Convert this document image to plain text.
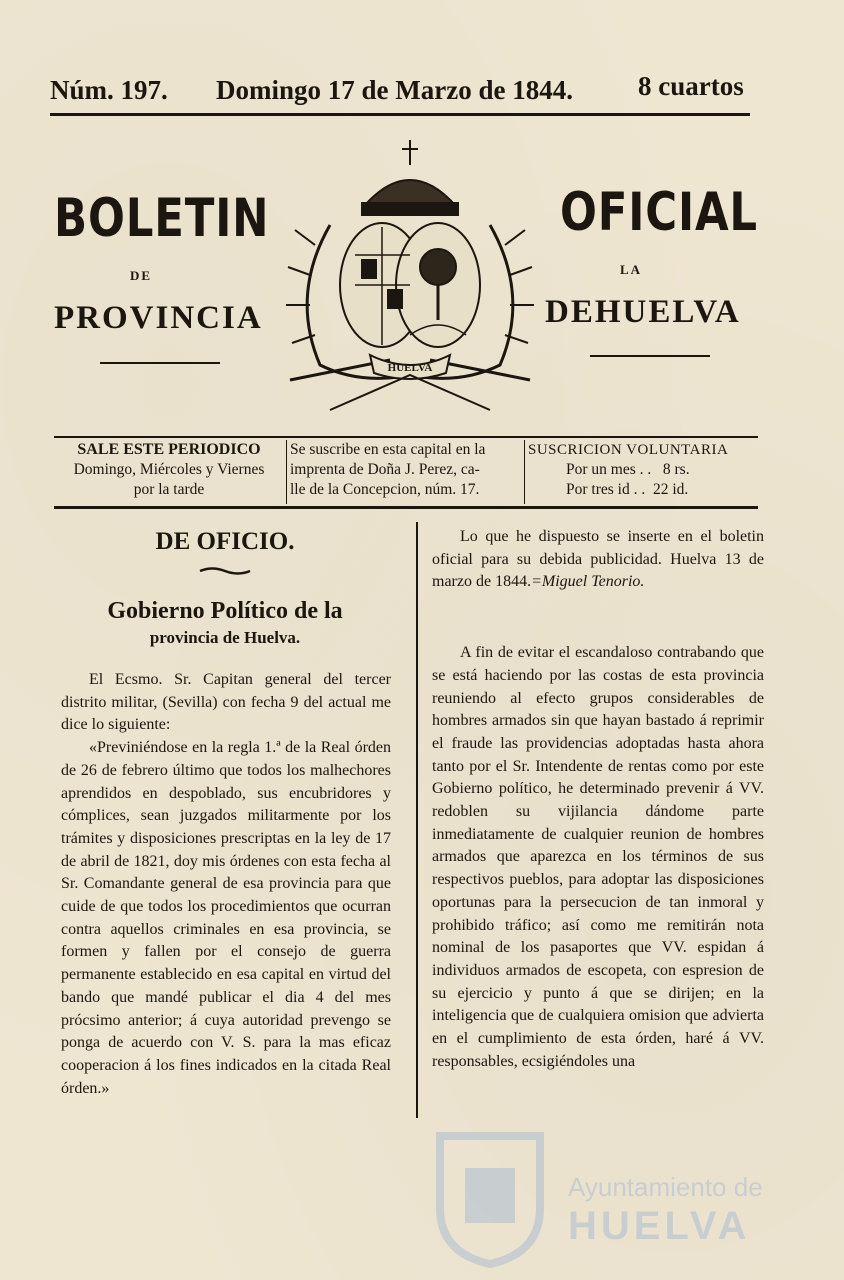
Núm. 197. Domingo 17 de Marzo de 1844. 8 cuartos
BOLETIN
DE
PROVINCIA
OFICIAL
LA
DEHUELVA
HUELVA
SALE ESTE PERIODICO
Domingo, Miércoles y Viernes
por la tarde
Se suscribe en esta capital en la
imprenta de Doña J. Perez, ca-
lle de la Concepcion, núm. 17.
SUSCRICION VOLUNTARIA
Por un mes . .   8 rs.
Por tres id . .  22 id.
DE OFICIO.
Gobierno Político de la
provincia de Huelva.

El Ecsmo. Sr. Capitan general del tercer distrito militar, (Sevilla) con fecha 9 del actual me dice lo siguiente:

«Previniéndose en la regla 1.ª de la Real órden de 26 de febrero último que todos los malhechores aprendidos en despoblado, sus encubridores y cómplices, sean juzgados militarmente por los trámites y disposiciones prescriptas en la ley de 17 de abril de 1821, doy mis órdenes con esta fecha al Sr. Comandante general de esa provincia para que cuide de que todos los procedimientos que ocurran contra aquellos criminales en esa provincia, se formen y fallen por el consejo de guerra permanente establecido en esa capital en virtud del bando que mandé publicar el dia 4 del mes prócsimo anterior; á cuya autoridad prevengo se ponga de acuerdo con V. S. para la mas eficaz cooperacion á los fines indicados en la citada Real órden.»

Lo que he dispuesto se inserte en el boletin oficial para su debida publicidad. Huelva 13 de marzo de 1844.=Miguel Tenorio.

A fin de evitar el escandaloso contrabando que se está haciendo por las costas de esta provincia reuniendo al efecto grupos considerables de hombres armados sin que hayan bastado á reprimir el fraude las providencias adoptadas hasta ahora tanto por el Sr. Intendente de rentas como por este Gobierno político, he determinado prevenir á VV. redoblen su vijilancia dándome parte inmediatamente de cualquier reunion de hombres armados que aparezca en los términos de sus respectivos pueblos, para adoptar las disposiciones oportunas para la persecucion de tan inmoral y prohibido tráfico; así como me remitirán nota nominal de los pasaportes que VV. espidan á individuos armados de escopeta, con espresion de su ejercicio y punto á que se dirijen; en la inteligencia que de cualquiera omision que advierta en el cumplimiento de esta órden, haré á VV. responsables, ecsigiéndoles una

Ayuntamiento de
HUELVA
